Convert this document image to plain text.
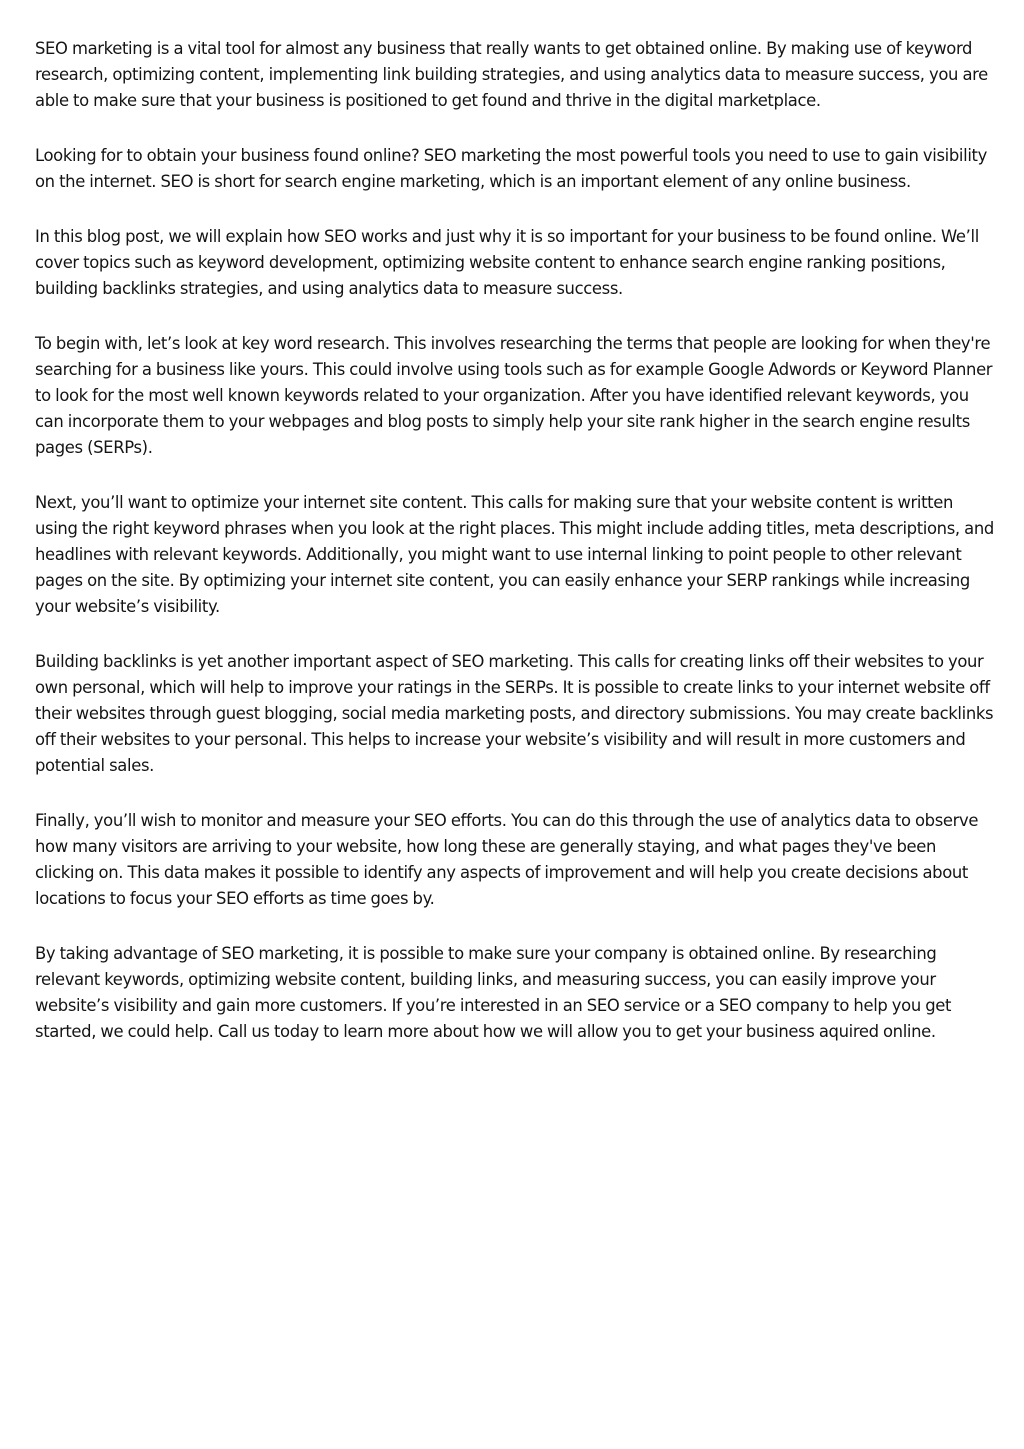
SEO marketing is a vital tool for almost any business that really wants to get obtained online. By making use of keyword research, optimizing content, implementing link building strategies, and using analytics data to measure success, you are able to make sure that your business is positioned to get found and thrive in the digital marketplace.

Looking for to obtain your business found online? SEO marketing the most powerful tools you need to use to gain visibility on the internet. SEO is short for search engine marketing, which is an important element of any online business.

In this blog post, we will explain how SEO works and just why it is so important for your business to be found online. We’ll cover topics such as keyword development, optimizing website content to enhance search engine ranking positions, building backlinks strategies, and using analytics data to measure success.

To begin with, let’s look at key word research. This involves researching the terms that people are looking for when they're searching for a business like yours. This could involve using tools such as for example Google Adwords or Keyword Planner to look for the most well known keywords related to your organization. After you have identified relevant keywords, you can incorporate them to your webpages and blog posts to simply help your site rank higher in the search engine results pages (SERPs).

Next, you’ll want to optimize your internet site content. This calls for making sure that your website content is written using the right keyword phrases when you look at the right places. This might include adding titles, meta descriptions, and headlines with relevant keywords. Additionally, you might want to use internal linking to point people to other relevant pages on the site. By optimizing your internet site content, you can easily enhance your SERP rankings while increasing your website’s visibility.

Building backlinks is yet another important aspect of SEO marketing. This calls for creating links off their websites to your own personal, which will help to improve your ratings in the SERPs. It is possible to create links to your internet website off their websites through guest blogging, social media marketing posts, and directory submissions. You may create backlinks off their websites to your personal. This helps to increase your website’s visibility and will result in more customers and potential sales.

Finally, you’ll wish to monitor and measure your SEO efforts. You can do this through the use of analytics data to observe how many visitors are arriving to your website, how long these are generally staying, and what pages they've been clicking on. This data makes it possible to identify any aspects of improvement and will help you create decisions about locations to focus your SEO efforts as time goes by.

By taking advantage of SEO marketing, it is possible to make sure your company is obtained online. By researching relevant keywords, optimizing website content, building links, and measuring success, you can easily improve your website’s visibility and gain more customers. If you’re interested in an SEO service or a SEO company to help you get started, we could help. Call us today to learn more about how we will allow you to get your business aquired online.
